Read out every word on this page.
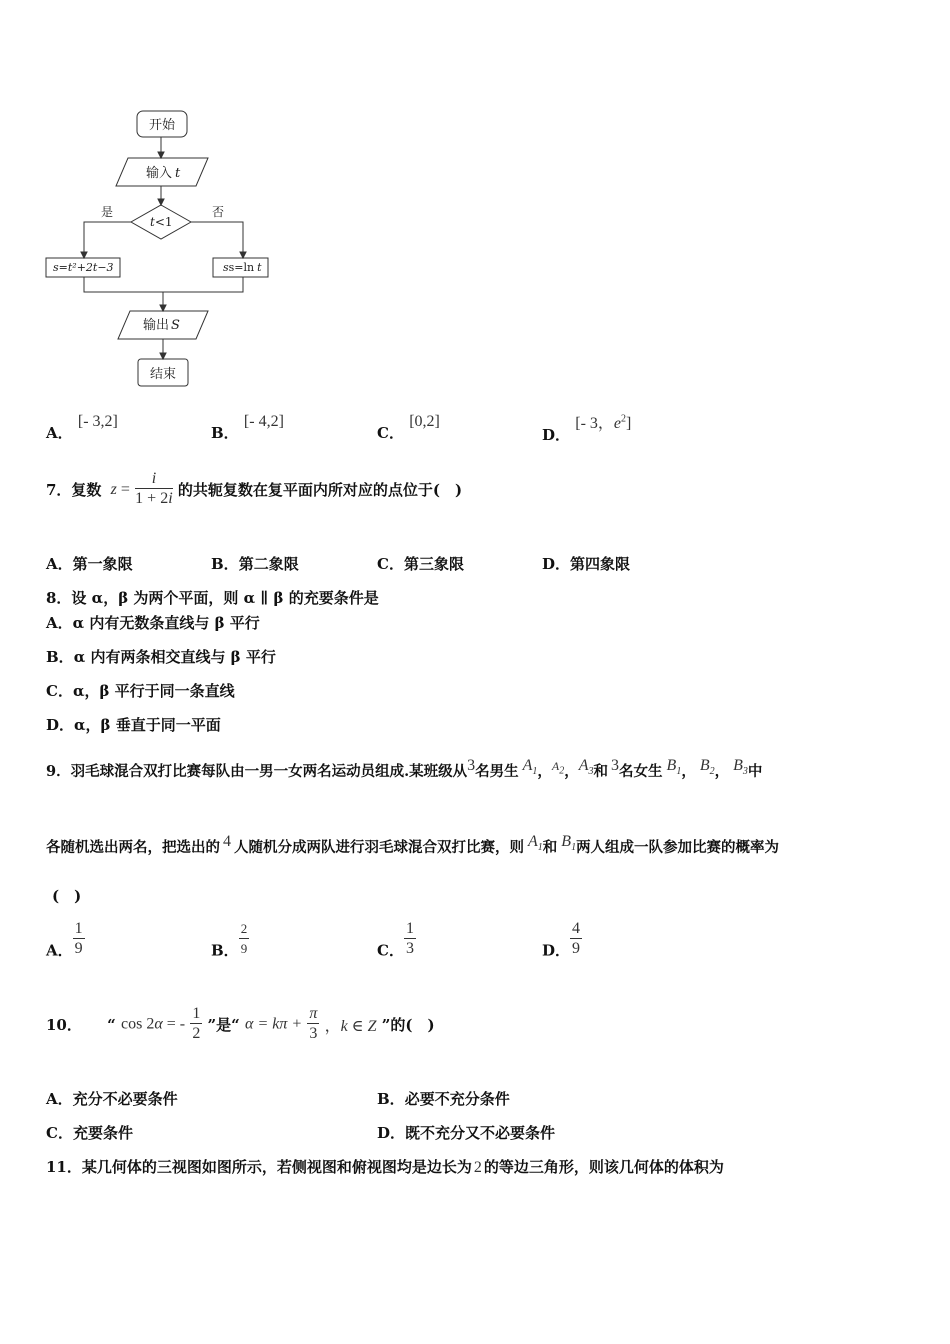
开始
输入 t
t<1
是	否
s=t²+2t−3	ss=ln t
输出 S
结束
A． [- 3,2]
B． [- 4,2]
C． [0,2]
D． [- 3，$e^2$]
7．复数 $z = \frac{i}{1 + 2i}$ 的共轭复数在复平面内所对应的点位于(　)
A．第一象限	B．第二象限	C．第三象限	D．第四象限
8．设 α，β 为两个平面，则 α ∥ β 的充要条件是
A．α 内有无数条直线与 β 平行
B．α 内有两条相交直线与 β 平行
C．α，β 平行于同一条直线
D．α，β 垂直于同一平面
9．羽毛球混合双打比赛每队由一男一女两名运动员组成.某班级从3名男生 $A_1$，$^{A_2}$，$A_3$和 3名女生 $B_1$， $B_2$， $B_3$中
各随机选出两名，把选出的 4 人随机分成两队进行羽毛球混合双打比赛，则 $A_1$和 $B_1$两人组成一队参加比赛的概率为
(　)
A． $\frac{1}{9}$	B． $\frac{2}{9}$	C． $\frac{1}{3}$	D． $\frac{4}{9}$
10． “ cos 2α = - $\frac{1}{2}$ ”是“ $\alpha = k\pi + \frac{\pi}{3}$ ，k ∈ Z ”的(　)
A．充分不必要条件	B．必要不充分条件
C．充要条件	D．既不充分又不必要条件
11．某几何体的三视图如图所示，若侧视图和俯视图均是边长为 2 的等边三角形，则该几何体的体积为
